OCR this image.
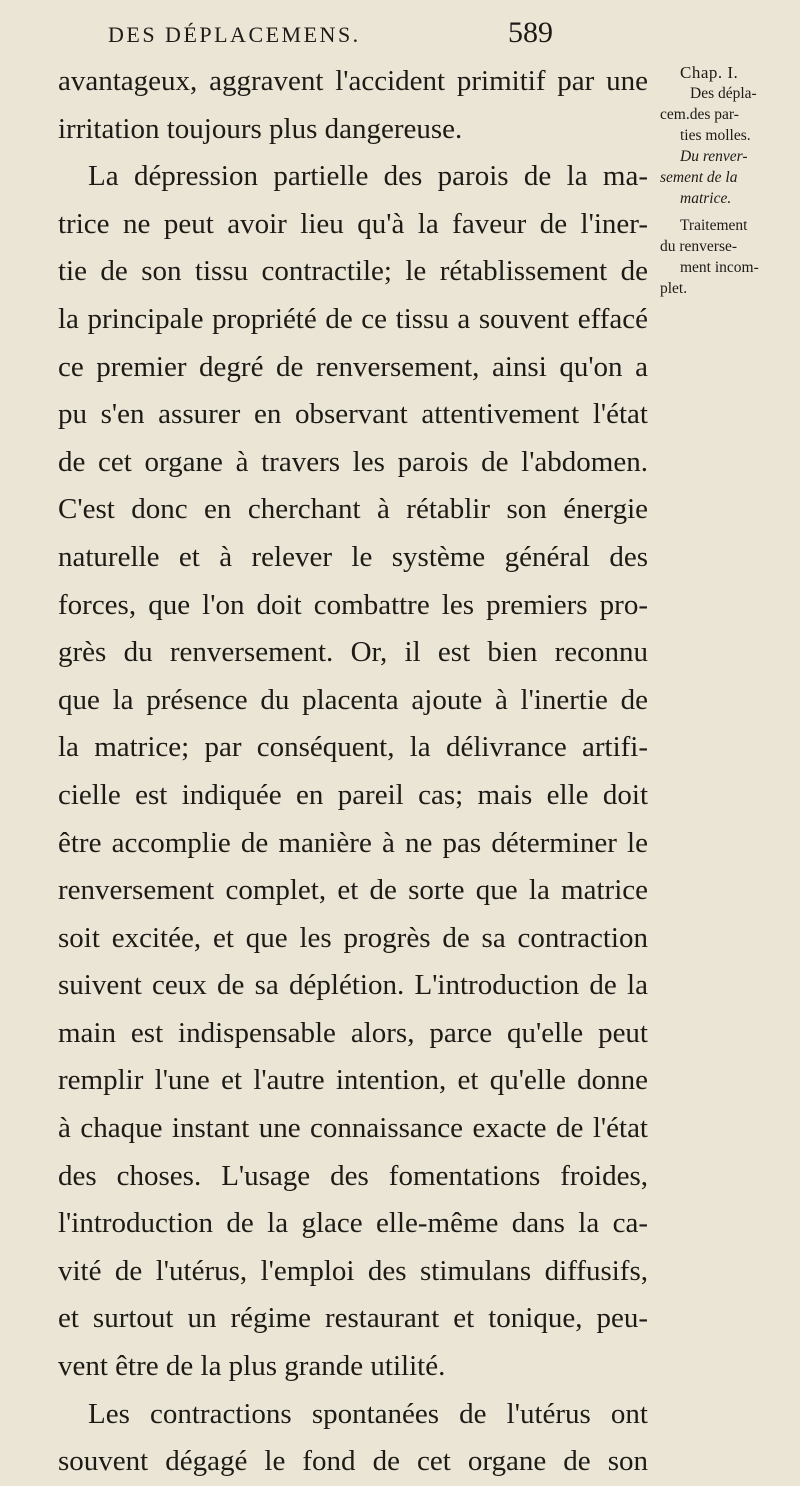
DES DÉPLACEMENS.	589
avantageux, aggravent l'accident primitif par une
irritation toujours plus dangereuse.
La dépression partielle des parois de la ma-
trice ne peut avoir lieu qu'à la faveur de l'iner-
tie de son tissu contractile; le rétablissement de
la principale propriété de ce tissu a souvent effacé
ce premier degré de renversement, ainsi qu'on a
pu s'en assurer en observant attentivement l'état
de cet organe à travers les parois de l'abdomen.
C'est donc en cherchant à rétablir son énergie
naturelle et à relever le système général des
forces, que l'on doit combattre les premiers pro-
grès du renversement. Or, il est bien reconnu
que la présence du placenta ajoute à l'inertie de
la matrice; par conséquent, la délivrance artifi-
cielle est indiquée en pareil cas; mais elle doit
être accomplie de manière à ne pas déterminer le
renversement complet, et de sorte que la matrice
soit excitée, et que les progrès de sa contraction
suivent ceux de sa déplétion. L'introduction de la
main est indispensable alors, parce qu'elle peut
remplir l'une et l'autre intention, et qu'elle donne
à chaque instant une connaissance exacte de l'état
des choses. L'usage des fomentations froides,
l'introduction de la glace elle-même dans la ca-
vité de l'utérus, l'emploi des stimulans diffusifs,
et surtout un régime restaurant et tonique, peu-
vent être de la plus grande utilité.
Les contractions spontanées de l'utérus ont
souvent dégagé le fond de cet organe de son
Chap. I.
Des dépla-
cem.des par-
ties molles.
Du renver-
sement de la
matrice.
Traitement
du renverse-
ment incom-
plet.
